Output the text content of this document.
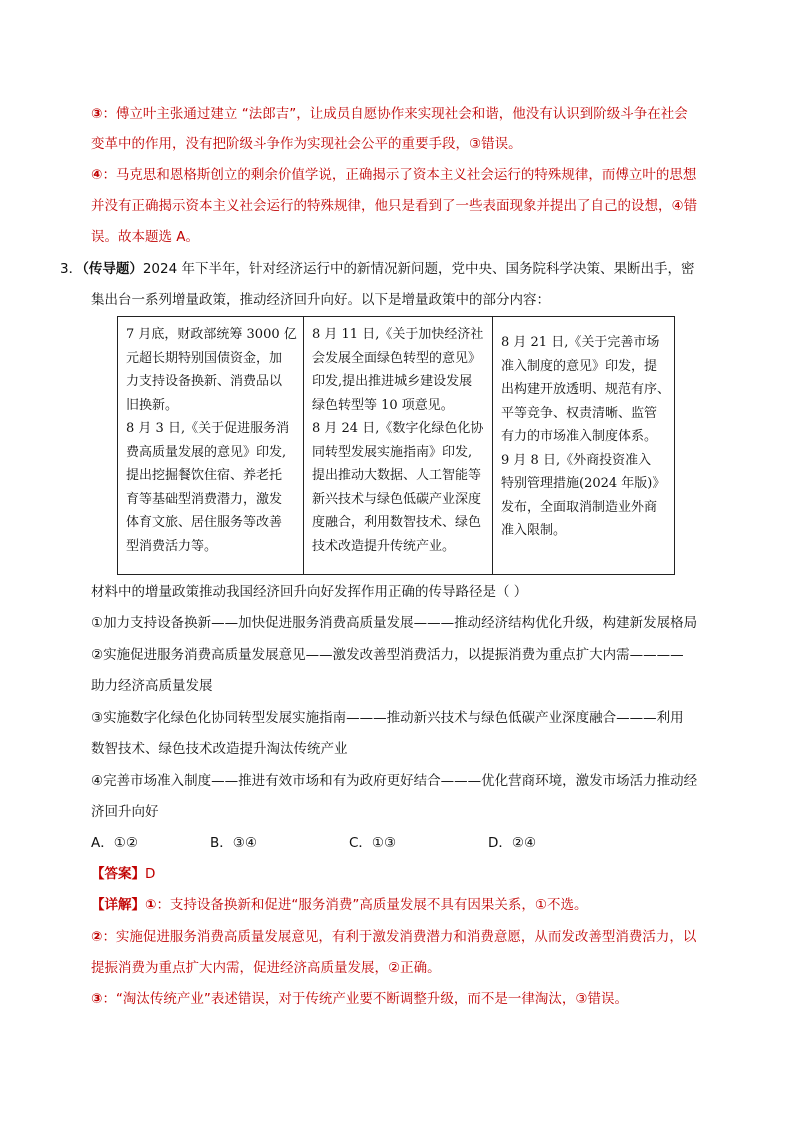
③：傅立叶主张通过建立 “法郎吉”，让成员自愿协作来实现社会和谐，他没有认识到阶级斗争在社会
变革中的作用，没有把阶级斗争作为实现社会公平的重要手段，③错误。
④：马克思和恩格斯创立的剩余价值学说，正确揭示了资本主义社会运行的特殊规律，而傅立叶的思想
并没有正确揭示资本主义社会运行的特殊规律，他只是看到了一些表面现象并提出了自己的设想，④错
误。故本题选 A。
3．（传导题）2024 年下半年，针对经济运行中的新情况新问题，党中央、国务院科学决策、果断出手，密
集出台一系列增量政策，推动经济回升向好。以下是增量政策中的部分内容：
7 月底，财政部统筹 3000 亿
元超长期特别国债资金，加
力支持设备换新、消费品以
旧换新。
8 月 3 日,《关于促进服务消
费高质量发展的意见》印发,
提出挖掘餐饮住宿、养老托
育等基础型消费潜力，激发
体育文旅、居住服务等改善
型消费活力等。

8 月 11 日,《关于加快经济社
会发展全面绿色转型的意见》
印发,提出推进城乡建设发展
绿色转型等 10 项意见。
8 月 24 日,《数字化绿色化协
同转型发展实施指南》印发,
提出推动大数据、人工智能等
新兴技术与绿色低碳产业深度
度融合，利用数智技术、绿色
技术改造提升传统产业。

8 月 21 日,《关于完善市场
准入制度的意见》印发，提
出构建开放透明、规范有序、
平等竞争、权责清晰、监管
有力的市场准入制度体系。
9 月 8 日,《外商投资准入
特别管理措施(2024 年版)》
发布，全面取消制造业外商
准入限制。
材料中的增量政策推动我国经济回升向好发挥作用正确的传导路径是（ ）
①加力支持设备换新——加快促进服务消费高质量发展———推动经济结构优化升级，构建新发展格局
②实施促进服务消费高质量发展意见——激发改善型消费活力，以提振消费为重点扩大内需————
助力经济高质量发展
③实施数字化绿色化协同转型发展实施指南———推动新兴技术与绿色低碳产业深度融合———利用
数智技术、绿色技术改造提升淘汰传统产业
④完善市场准入制度——推进有效市场和有为政府更好结合———优化营商环境，激发市场活力推动经
济回升向好
A．①②	B．③④	C．①③	D．②④
【答案】D
【详解】①：支持设备换新和促进“服务消费”高质量发展不具有因果关系，①不选。
②：实施促进服务消费高质量发展意见，有利于激发消费潜力和消费意愿，从而发改善型消费活力，以
提振消费为重点扩大内需，促进经济高质量发展，②正确。
③：“淘汰传统产业”表述错误，对于传统产业要不断调整升级，而不是一律淘汰，③错误。
